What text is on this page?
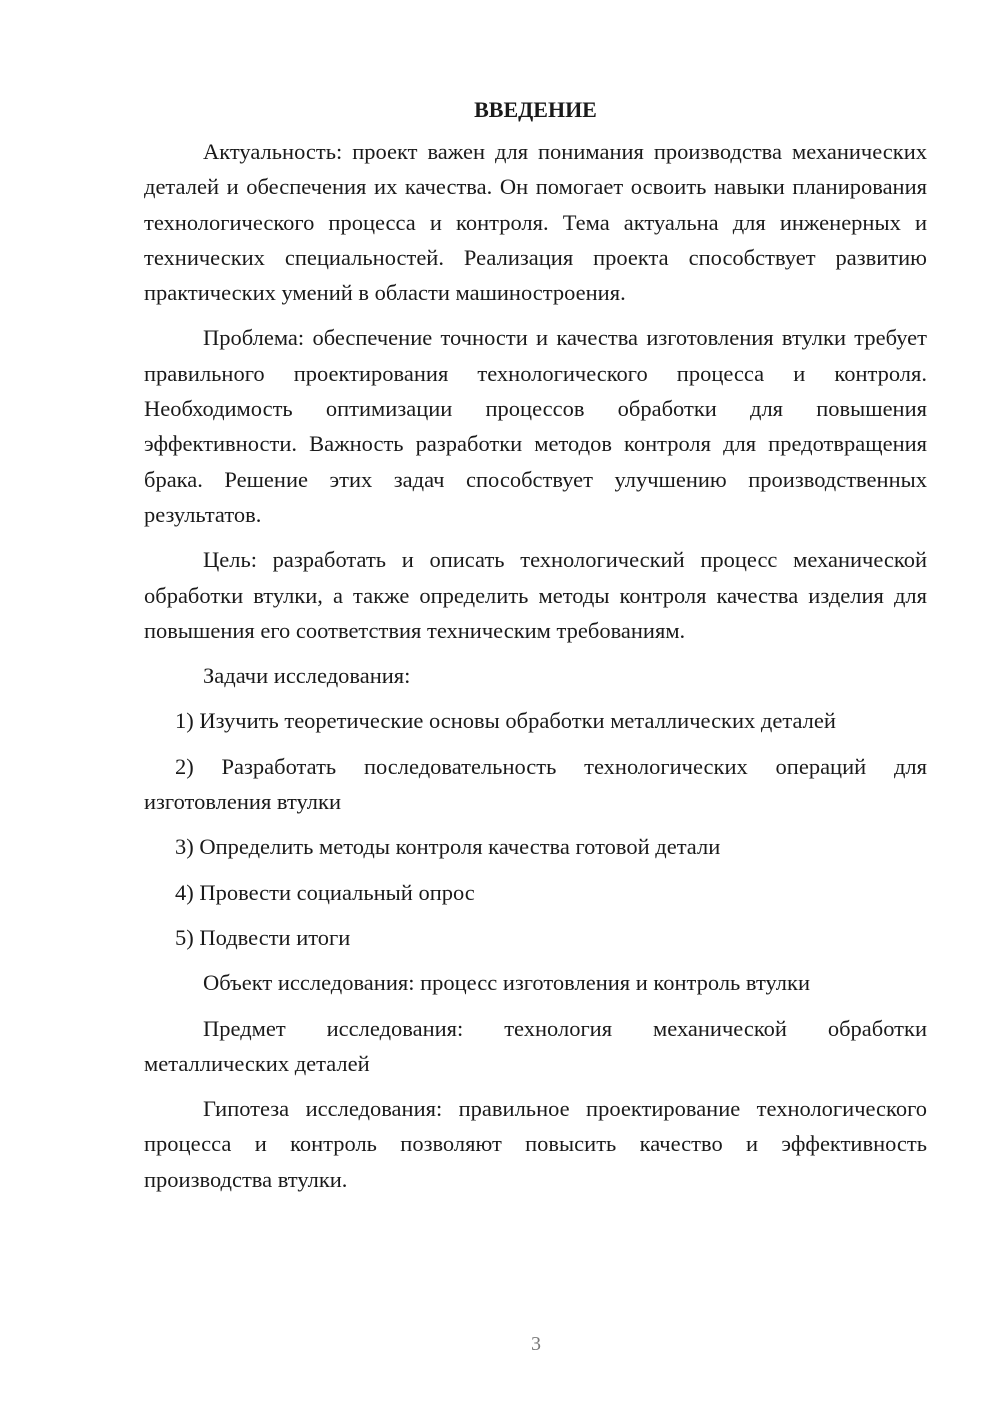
ВВЕДЕНИЕ

Актуальность: проект важен для понимания производства механических деталей и обеспечения их качества. Он помогает освоить навыки планирования технологического процесса и контроля. Тема актуальна для инженерных и технических специальностей. Реализация проекта способствует развитию практических умений в области машиностроения.

Проблема: обеспечение точности и качества изготовления втулки требует правильного проектирования технологического процесса и контроля. Необходимость оптимизации процессов обработки для повышения эффективности. Важность разработки методов контроля для предотвращения брака. Решение этих задач способствует улучшению производственных результатов.

Цель: разработать и описать технологический процесс механической обработки втулки, а также определить методы контроля качества изделия для повышения его соответствия техническим требованиям.

Задачи исследования:

1) Изучить теоретические основы обработки металлических деталей

2) Разработать последовательность технологических операций для изготовления втулки

3) Определить методы контроля качества готовой детали

4) Провести социальный опрос

5) Подвести итоги

Объект исследования: процесс изготовления и контроль втулки

Предмет исследования: технология механической обработки металлических деталей

Гипотеза исследования: правильное проектирование технологического процесса и контроль позволяют повысить качество и эффективность производства втулки.

3
